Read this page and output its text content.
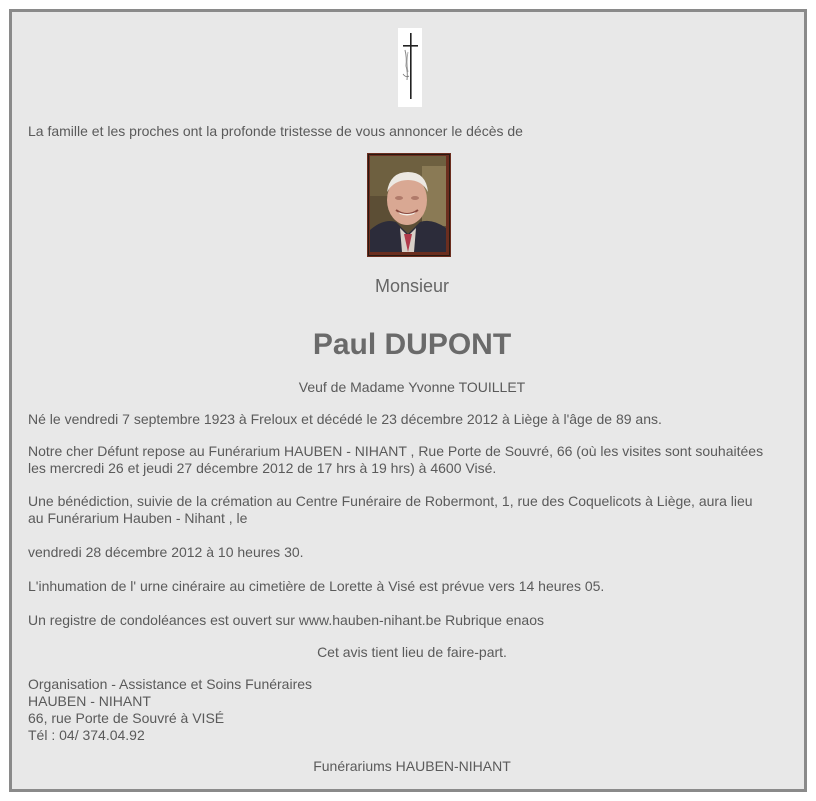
La famille et les proches ont la profonde tristesse de vous annoncer le décès de

Monsieur
Paul DUPONT

Veuf de Madame Yvonne TOUILLET

Né le vendredi 7 septembre 1923 à Freloux et décédé le 23 décembre 2012 à Liège à l'âge de 89 ans.

Notre cher Défunt repose au Funérarium HAUBEN - NIHANT , Rue Porte de Souvré, 66 (où les visites sont souhaitées

les mercredi 26 et jeudi 27 décembre 2012 de 17 hrs à 19 hrs) à 4600 Visé.

Une bénédiction, suivie de la crémation au Centre Funéraire de Robermont, 1, rue des Coquelicots à Liège, aura lieu

au Funérarium Hauben - Nihant , le

vendredi 28 décembre 2012 à 10 heures 30.

L'inhumation de l' urne cinéraire au cimetière de Lorette à Visé est prévue vers 14 heures 05.

Un registre de condoléances est ouvert sur www.hauben-nihant.be Rubrique enaos

Cet avis tient lieu de faire-part.

Organisation - Assistance et Soins Funéraires

HAUBEN - NIHANT

66, rue Porte de Souvré à VISÉ

Tél : 04/ 374.04.92

Funérariums HAUBEN-NIHANT
